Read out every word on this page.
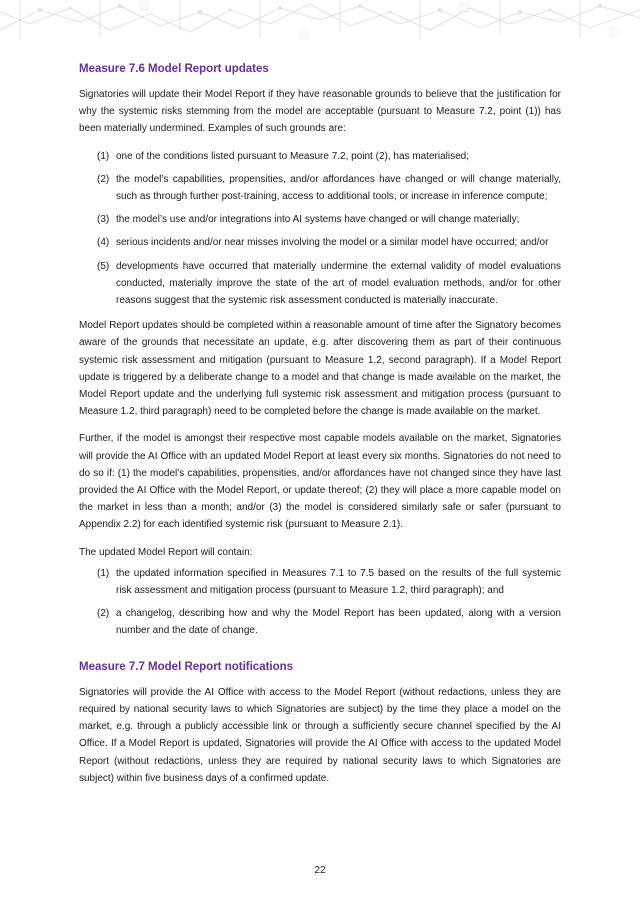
Measure 7.6 Model Report updates

Signatories will update their Model Report if they have reasonable grounds to believe that the justification for why the systemic risks stemming from the model are acceptable (pursuant to Measure 7.2, point (1)) has been materially undermined. Examples of such grounds are:

(1) one of the conditions listed pursuant to Measure 7.2, point (2), has materialised;
(2) the model’s capabilities, propensities, and/or affordances have changed or will change materially, such as through further post-training, access to additional tools, or increase in inference compute;
(3) the model’s use and/or integrations into AI systems have changed or will change materially;
(4) serious incidents and/or near misses involving the model or a similar model have occurred; and/or
(5) developments have occurred that materially undermine the external validity of model evaluations conducted, materially improve the state of the art of model evaluation methods, and/or for other reasons suggest that the systemic risk assessment conducted is materially inaccurate.

Model Report updates should be completed within a reasonable amount of time after the Signatory becomes aware of the grounds that necessitate an update, e.g. after discovering them as part of their continuous systemic risk assessment and mitigation (pursuant to Measure 1.2, second paragraph). If a Model Report update is triggered by a deliberate change to a model and that change is made available on the market, the Model Report update and the underlying full systemic risk assessment and mitigation process (pursuant to Measure 1.2, third paragraph) need to be completed before the change is made available on the market.

Further, if the model is amongst their respective most capable models available on the market, Signatories will provide the AI Office with an updated Model Report at least every six months. Signatories do not need to do so if: (1) the model’s capabilities, propensities, and/or affordances have not changed since they have last provided the AI Office with the Model Report, or update thereof; (2) they will place a more capable model on the market in less than a month; and/or (3) the model is considered similarly safe or safer (pursuant to Appendix 2.2) for each identified systemic risk (pursuant to Measure 2.1).

The updated Model Report will contain:

(1) the updated information specified in Measures 7.1 to 7.5 based on the results of the full systemic risk assessment and mitigation process (pursuant to Measure 1.2, third paragraph); and
(2) a changelog, describing how and why the Model Report has been updated, along with a version number and the date of change.
Measure 7.7 Model Report notifications

Signatories will provide the AI Office with access to the Model Report (without redactions, unless they are required by national security laws to which Signatories are subject) by the time they place a model on the market, e.g. through a publicly accessible link or through a sufficiently secure channel specified by the AI Office. If a Model Report is updated, Signatories will provide the AI Office with access to the updated Model Report (without redactions, unless they are required by national security laws to which Signatories are subject) within five business days of a confirmed update.

22
